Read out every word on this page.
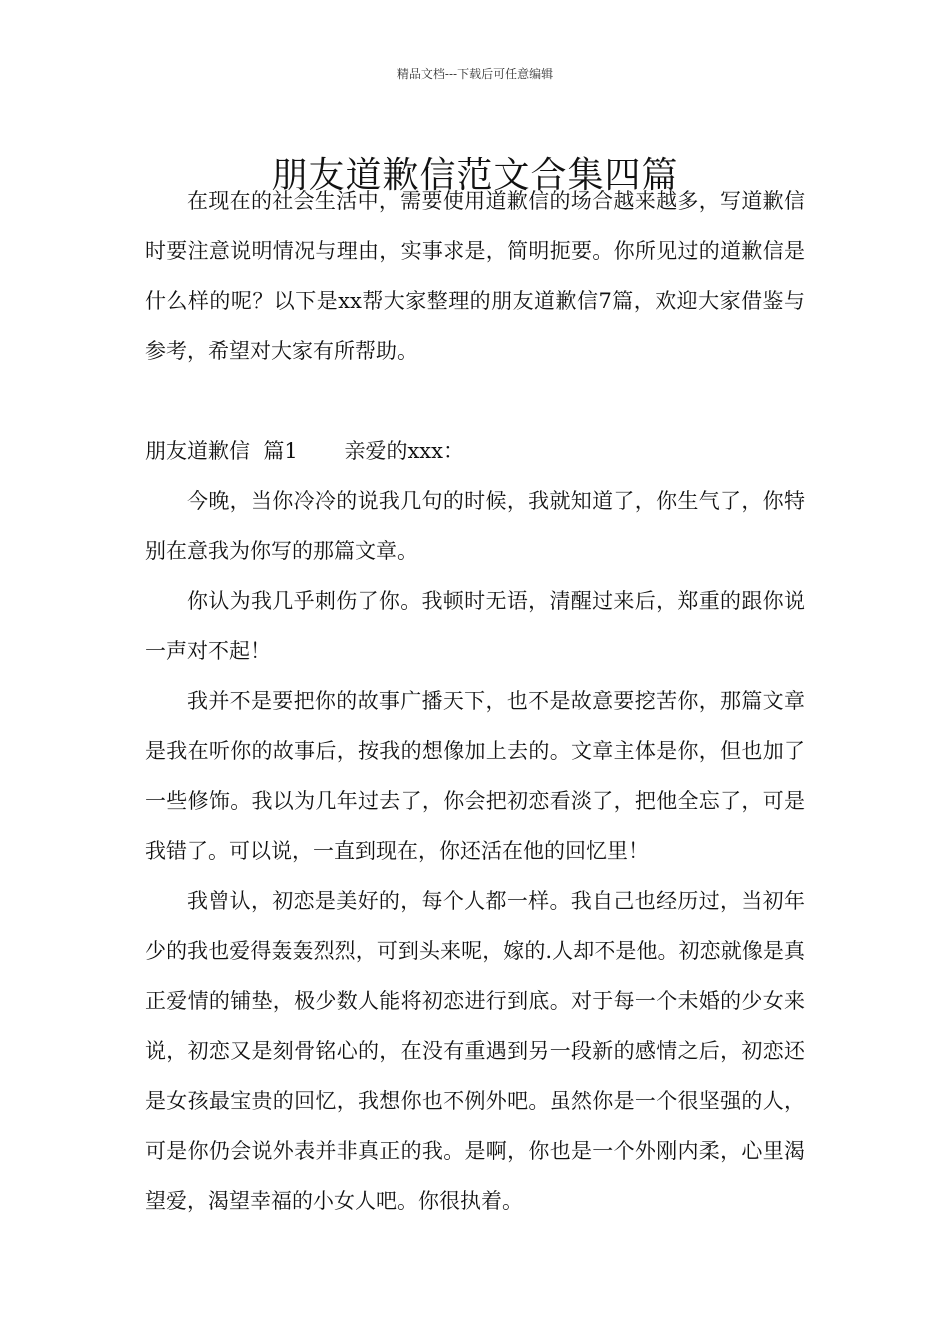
精品文档---下载后可任意编辑
朋友道歉信范文合集四篇

在现在的社会生活中，需要使用道歉信的场合越来越多，写道歉信时要注意说明情况与理由，实事求是，简明扼要。你所见过的道歉信是什么样的呢？以下是xx帮大家整理的朋友道歉信7篇，欢迎大家借鉴与参考，希望对大家有所帮助。

朋友道歉信  篇1       亲爱的xxx：

今晚，当你冷冷的说我几句的时候，我就知道了，你生气了，你特别在意我为你写的那篇文章。

你认为我几乎刺伤了你。我顿时无语，清醒过来后，郑重的跟你说一声对不起！

我并不是要把你的故事广播天下，也不是故意要挖苦你，那篇文章是我在听你的故事后，按我的想像加上去的。文章主体是你，但也加了一些修饰。我以为几年过去了，你会把初恋看淡了，把他全忘了，可是我错了。可以说，一直到现在，你还活在他的回忆里！

我曾认，初恋是美好的，每个人都一样。我自己也经历过，当初年少的我也爱得轰轰烈烈，可到头来呢，嫁的.人却不是他。初恋就像是真正爱情的铺垫，极少数人能将初恋进行到底。对于每一个未婚的少女来说，初恋又是刻骨铭心的，在没有重遇到另一段新的感情之后，初恋还是女孩最宝贵的回忆，我想你也不例外吧。虽然你是一个很坚强的人，可是你仍会说外表并非真正的我。是啊，你也是一个外刚内柔，心里渴望爱，渴望幸福的小女人吧。你很执着。
